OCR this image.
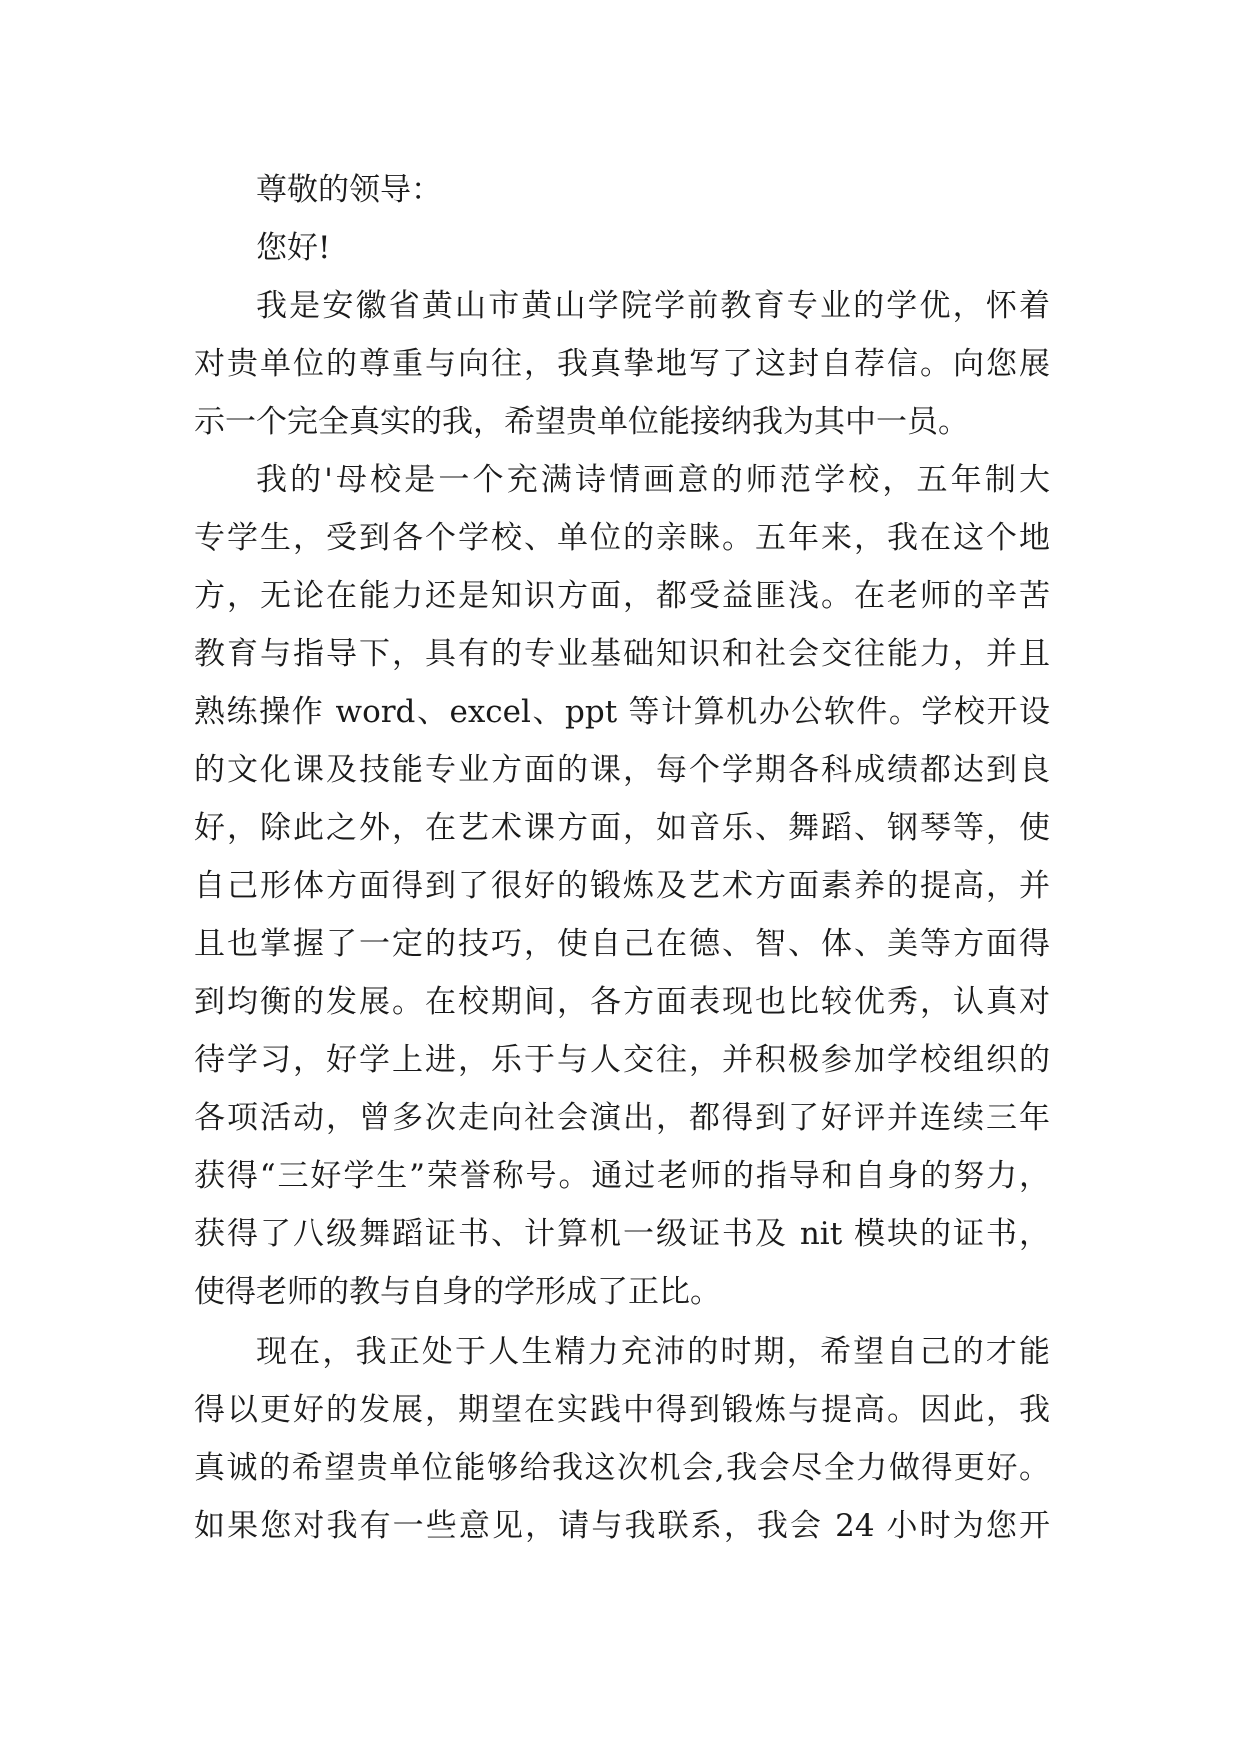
尊敬的领导：
您好!
我是安徽省黄山市黄山学院学前教育专业的学优，怀着
对贵单位的尊重与向往，我真挚地写了这封自荐信。向您展
示一个完全真实的我，希望贵单位能接纳我为其中一员。
我的'母校是一个充满诗情画意的师范学校，五年制大
专学生，受到各个学校、单位的亲睐。五年来，我在这个地
方，无论在能力还是知识方面，都受益匪浅。在老师的辛苦
教育与指导下，具有的专业基础知识和社会交往能力，并且
熟练操作 word、excel、ppt 等计算机办公软件。学校开设
的文化课及技能专业方面的课，每个学期各科成绩都达到良
好，除此之外，在艺术课方面，如音乐、舞蹈、钢琴等，使
自己形体方面得到了很好的锻炼及艺术方面素养的提高，并
且也掌握了一定的技巧，使自己在德、智、体、美等方面得
到均衡的发展。在校期间，各方面表现也比较优秀，认真对
待学习，好学上进，乐于与人交往，并积极参加学校组织的
各项活动，曾多次走向社会演出，都得到了好评并连续三年
获得“三好学生”荣誉称号。通过老师的指导和自身的努力，
获得了八级舞蹈证书、计算机一级证书及 nit 模块的证书，
使得老师的教与自身的学形成了正比。
现在，我正处于人生精力充沛的时期，希望自己的才能
得以更好的发展，期望在实践中得到锻炼与提高。因此，我
真诚的希望贵单位能够给我这次机会,我会尽全力做得更好。
如果您对我有一些意见，请与我联系，我会 24 小时为您开
